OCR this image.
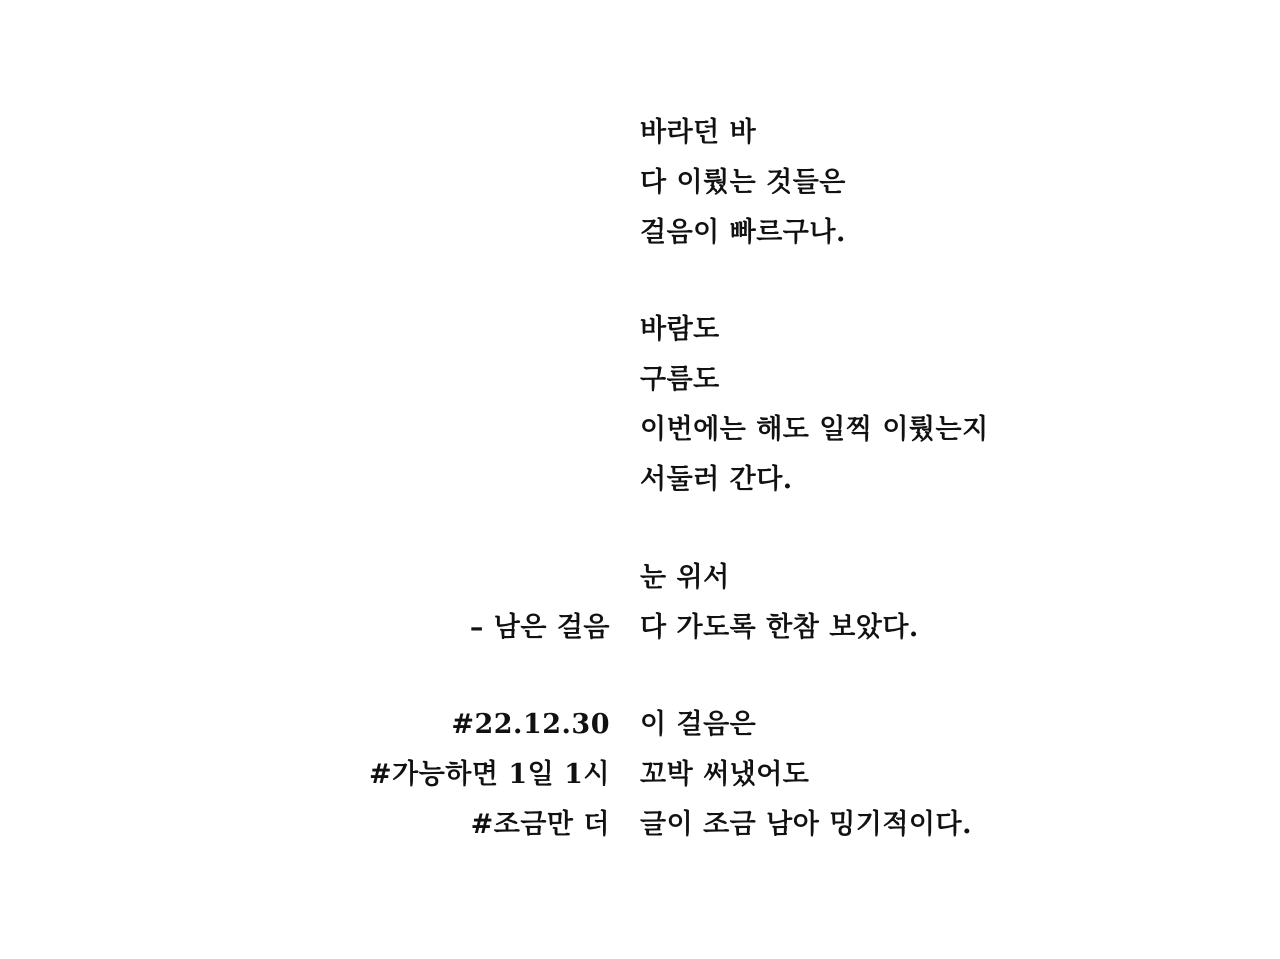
바라던 바

다 이뤘는 것들은

걸음이 빠르구나.

바람도

구름도

이번에는 해도 일찍 이뤘는지

서둘러 간다.

눈 위서

다 가도록 한참 보았다.

이 걸음은

꼬박 써냈어도

글이 조금 남아 밍기적이다.

– 남은 걸음

#22.12.30

#가능하면 1일 1시

#조금만 더
